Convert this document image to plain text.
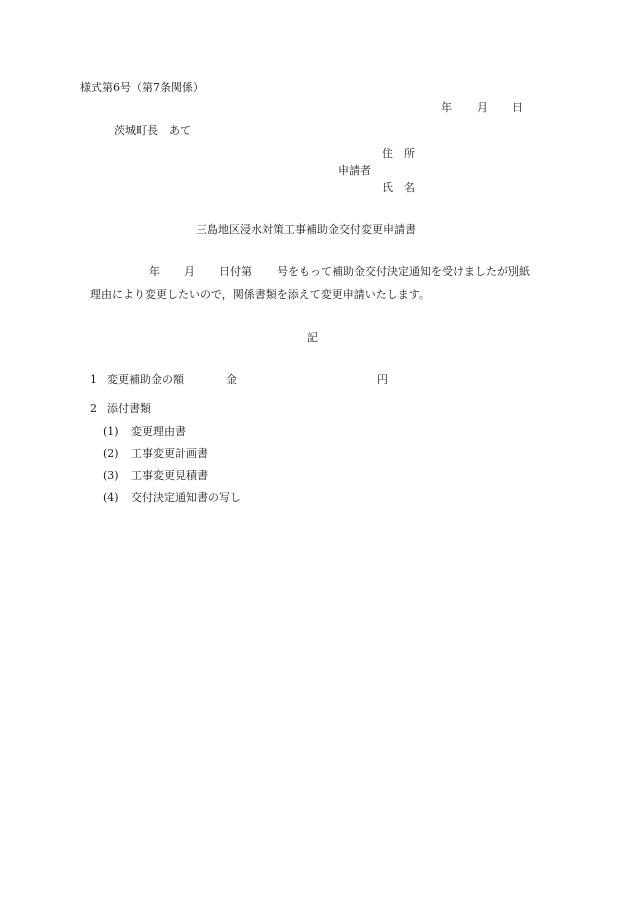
様式第6号（第7条関係）
年 月 日
茨城町長　あて
住　所
申請者
氏　名
三島地区浸水対策工事補助金交付変更申請書
年 月 日付第 号をもって補助金交付決定通知を受けましたが別紙
理由により変更したいので，関係書類を添えて変更申請いたします。
記
1 変更補助金の額	金	円
2 添付書類
(1) 変更理由書
(2) 工事変更計画書
(3) 工事変更見積書
(4) 交付決定通知書の写し
